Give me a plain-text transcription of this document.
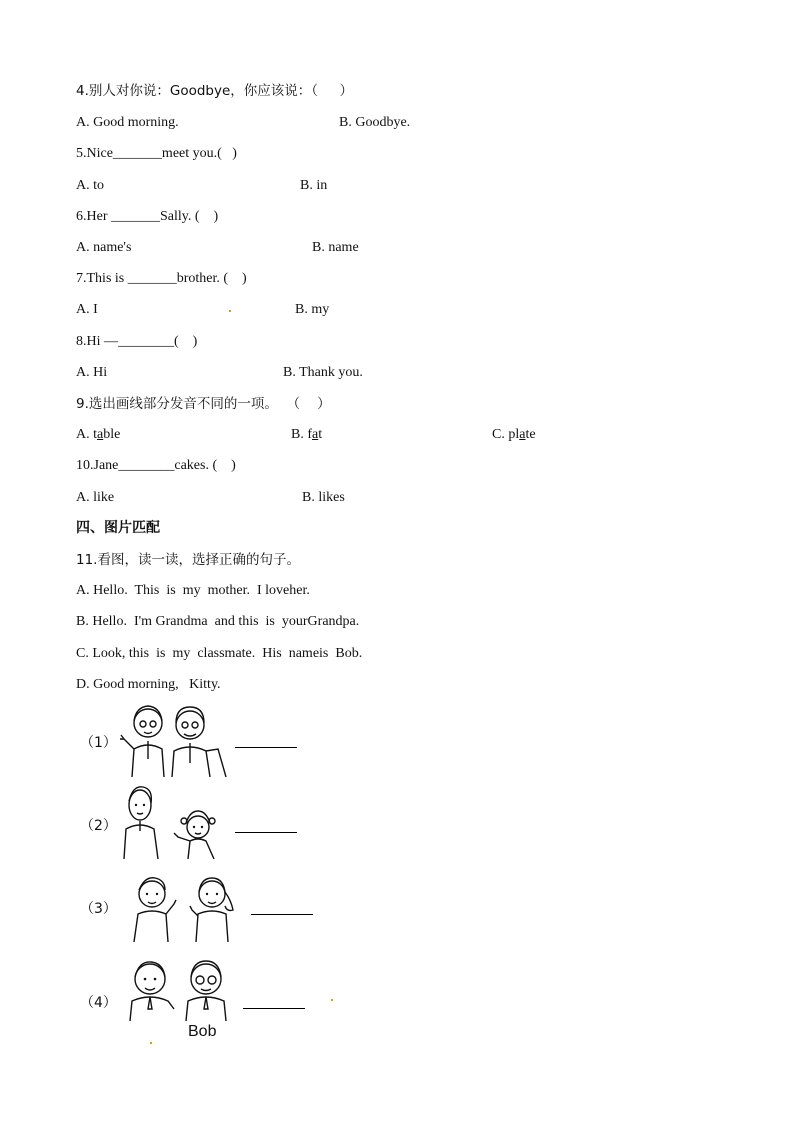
4.别人对你说：Goodbye，你应该说：（     ）
A. Good morning.	B. Goodbye.
5.Nice_______meet you.(   )
A. to	B. in
6.Her _______Sally. (    )
A. name's	B. name
7.This is _______brother. (    )
A. I	B. my
8.Hi —________(    )
A. Hi	B. Thank you.
9.选出画线部分发音不同的一项。  （    ）
A. table	B. fat	C. plate
10.Jane________cakes. (    )
A. like	B. likes
四、图片匹配
11.看图，读一读，选择正确的句子。
A. Hello.  This  is  my  mother.  I loveher.
B. Hello.  I'm Grandma  and this  is  yourGrandpa.
C. Look, this  is  my  classmate.  His  nameis  Bob.
D. Good morning,   Kitty.
（1）
（2）
（3）
（4）
Bob
